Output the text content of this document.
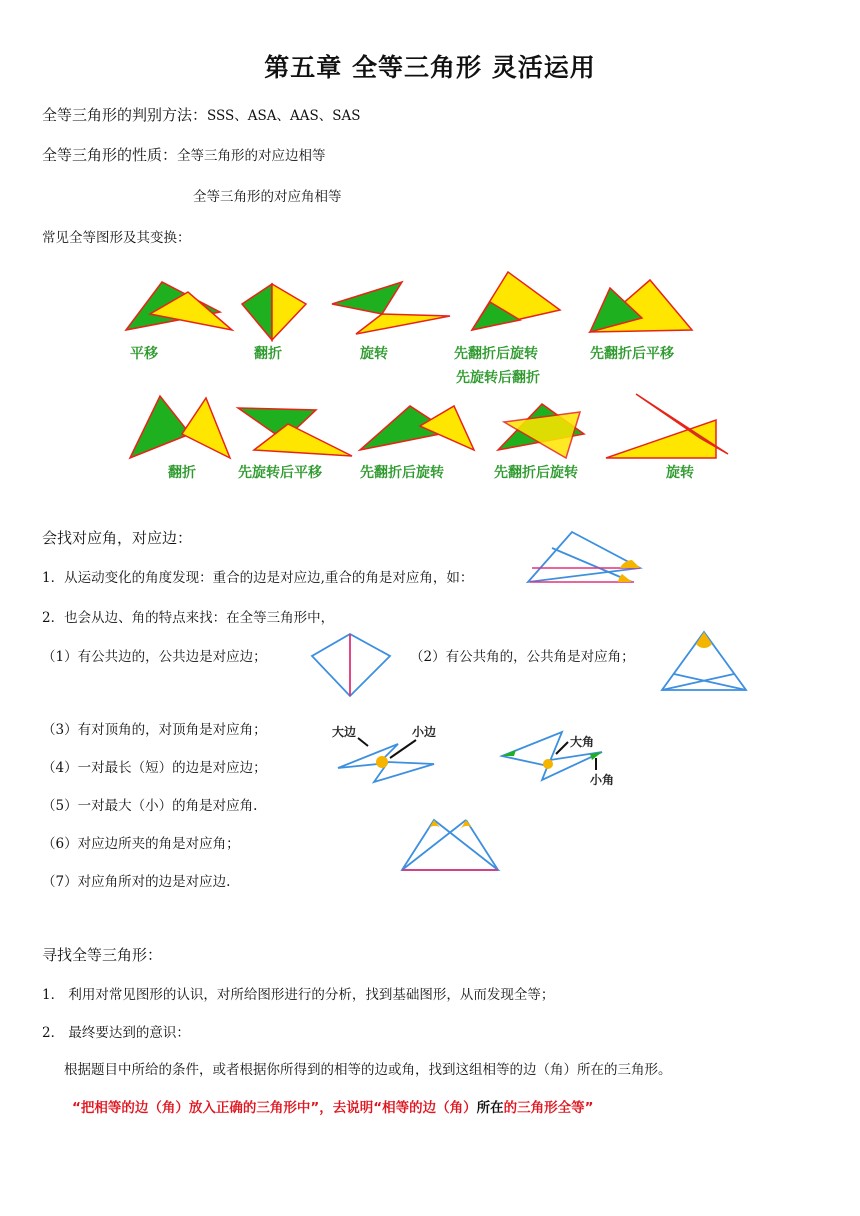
第五章 全等三角形 灵活运用
全等三角形的判别方法：SSS、ASA、AAS、SAS
全等三角形的性质：全等三角形的对应边相等
全等三角形的对应角相等
常见全等图形及其变换：
平移	翻折	旋转	先翻折后旋转
先旋转后翻折
先翻折后平移
翻折	先旋转后平移	先翻折后旋转	先翻折后旋转	旋转
会找对应角，对应边：
1．从运动变化的角度发现：重合的边是对应边,重合的角是对应角，如：
2．也会从边、角的特点来找：在全等三角形中，
（1）有公共边的，公共边是对应边；	（2）有公共角的，公共角是对应角；
（3）有对顶角的，对顶角是对应角；
（4）一对最长（短）的边是对应边；
（5）一对最大（小）的角是对应角.
（6）对应边所夹的角是对应角；
（7）对应角所对的边是对应边.
大边	小边
大角
小角
寻找全等三角形：
1． 利用对常见图形的认识，对所给图形进行的分析，找到基础图形，从而发现全等；
2． 最终要达到的意识：
根据题目中所给的条件，或者根据你所得到的相等的边或角，找到这组相等的边（角）所在的三角形。
“把相等的边（角）放入正确的三角形中”，去说明“相等的边（角）所在的三角形全等”
